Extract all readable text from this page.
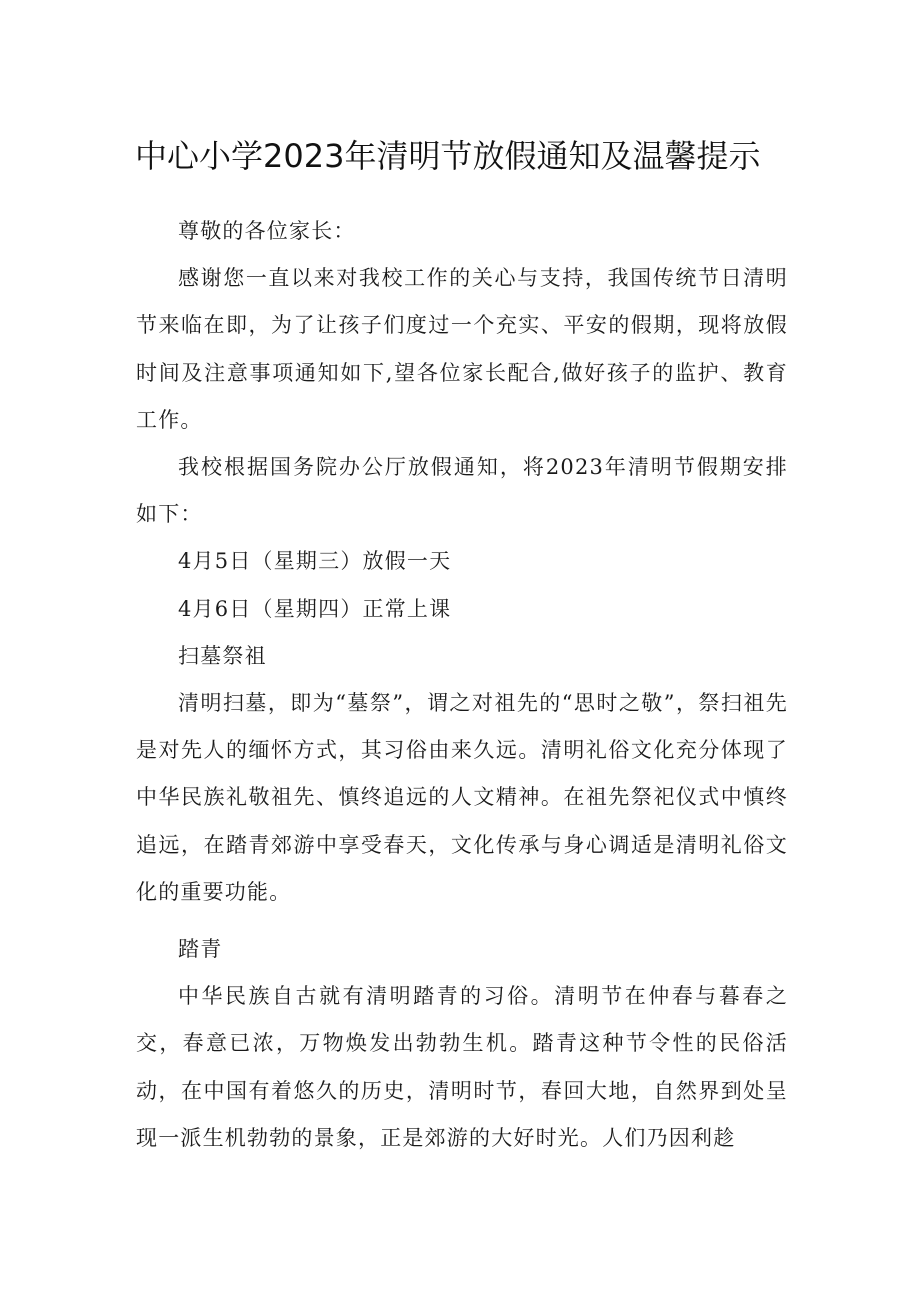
中心小学2023年清明节放假通知及温馨提示

尊敬的各位家长：

感谢您一直以来对我校工作的关心与支持，我国传统节日清明节来临在即，为了让孩子们度过一个充实、平安的假期，现将放假时间及注意事项通知如下,望各位家长配合,做好孩子的监护、教育工作。

我校根据国务院办公厅放假通知，将2023年清明节假期安排如下：

4月5日（星期三）放假一天

4月6日（星期四）正常上课

扫墓祭祖

清明扫墓，即为“墓祭”，谓之对祖先的“思时之敬”，祭扫祖先是对先人的缅怀方式，其习俗由来久远。清明礼俗文化充分体现了中华民族礼敬祖先、慎终追远的人文精神。在祖先祭祀仪式中慎终追远，在踏青郊游中享受春天，文化传承与身心调适是清明礼俗文化的重要功能。

踏青

中华民族自古就有清明踏青的习俗。清明节在仲春与暮春之交，春意已浓，万物焕发出勃勃生机。踏青这种节令性的民俗活动，在中国有着悠久的历史，清明时节，春回大地，自然界到处呈现一派生机勃勃的景象，正是郊游的大好时光。人们乃因利趁
